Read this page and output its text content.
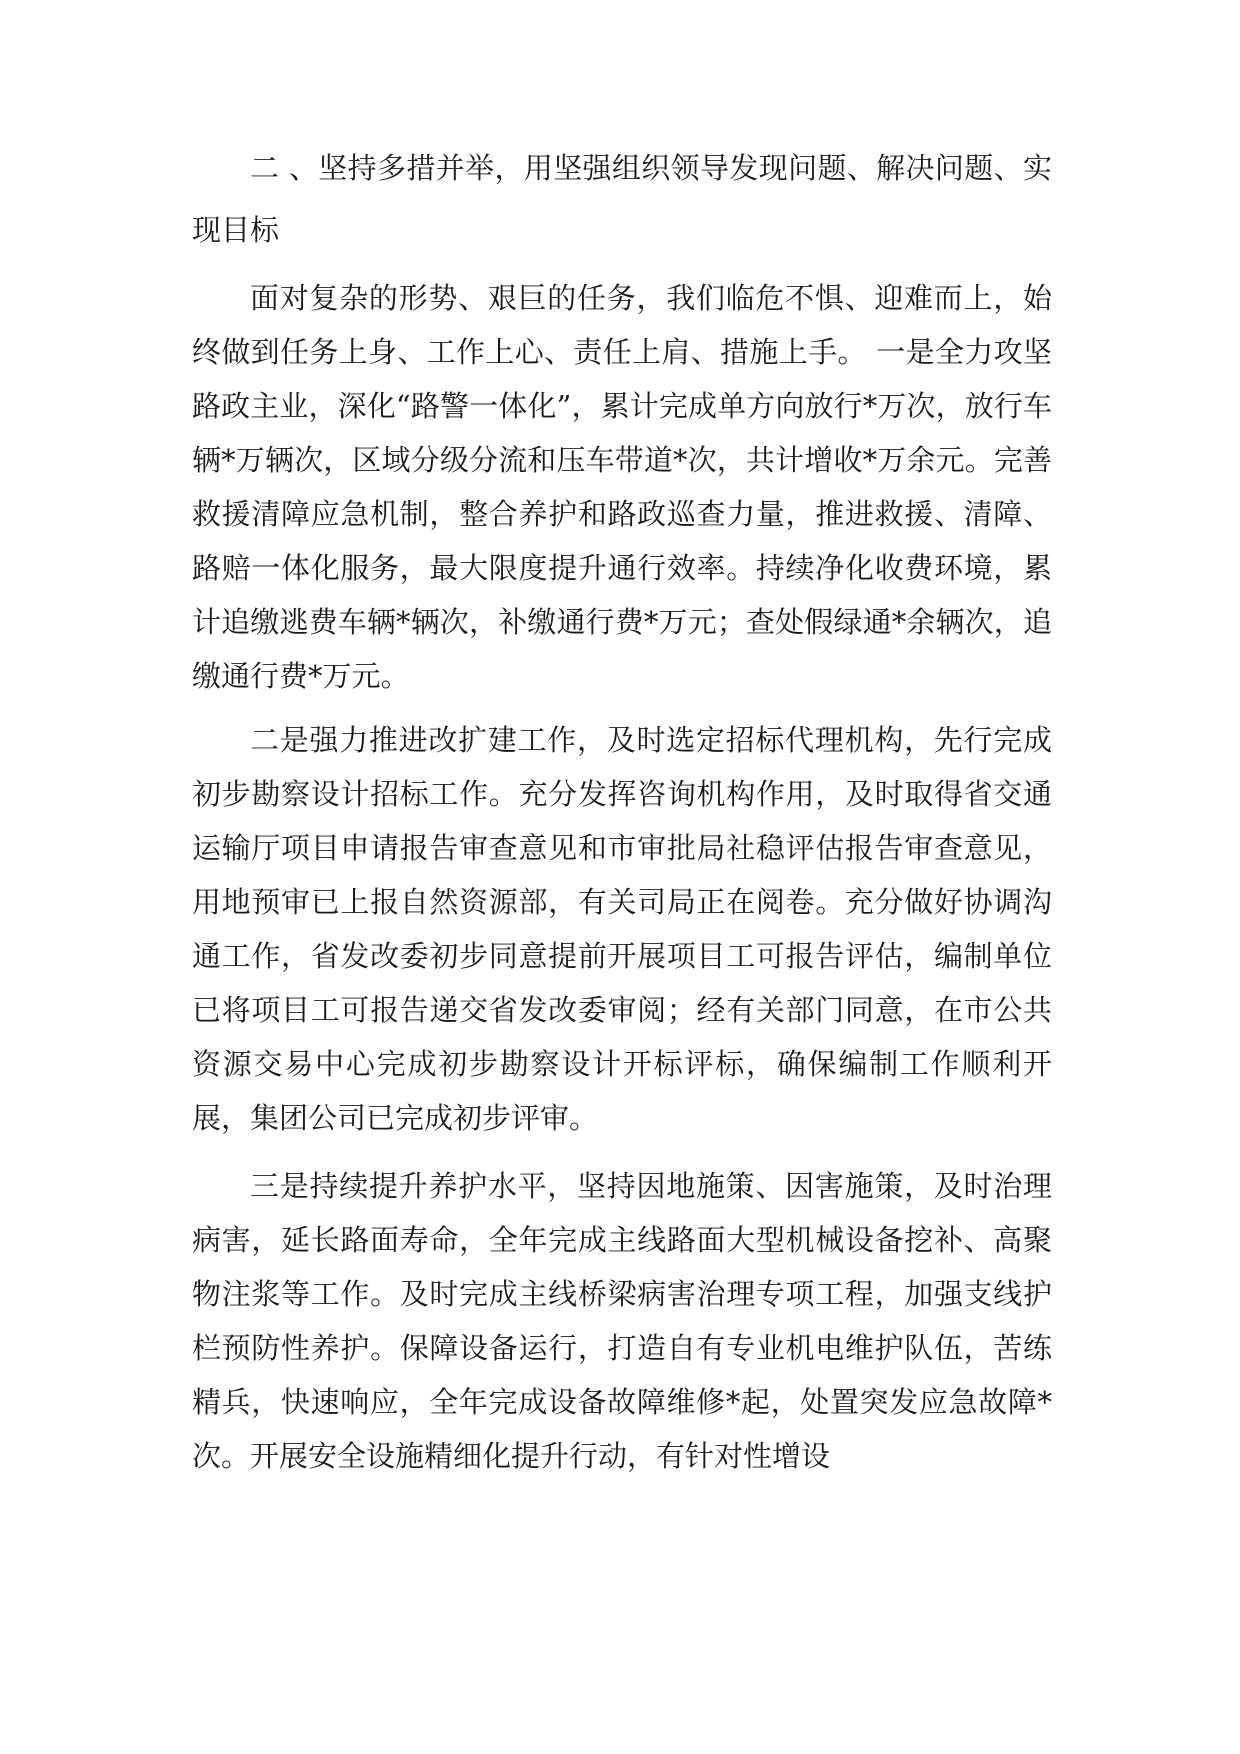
二 、坚持多措并举，用坚强组织领导发现问题、解决问题、实现目标

面对复杂的形势、艰巨的任务，我们临危不惧、迎难而上，始终做到任务上身、工作上心、责任上肩、措施上手。 一是全力攻坚路政主业，深化“路警一体化”，累计完成单方向放行*万次，放行车辆*万辆次，区域分级分流和压车带道*次，共计增收*万余元。完善救援清障应急机制，整合养护和路政巡查力量，推进救援、清障、路赔一体化服务，最大限度提升通行效率。持续净化收费环境，累计追缴逃费车辆*辆次，补缴通行费*万元；查处假绿通*余辆次，追缴通行费*万元。

二是强力推进改扩建工作，及时选定招标代理机构，先行完成初步勘察设计招标工作。充分发挥咨询机构作用，及时取得省交通运输厅项目申请报告审查意见和市审批局社稳评估报告审查意见，用地预审已上报自然资源部，有关司局正在阅卷。充分做好协调沟通工作，省发改委初步同意提前开展项目工可报告评估，编制单位已将项目工可报告递交省发改委审阅；经有关部门同意，在市公共资源交易中心完成初步勘察设计开标评标，确保编制工作顺利开展，集团公司已完成初步评审。

三是持续提升养护水平，坚持因地施策、因害施策，及时治理病害，延长路面寿命，全年完成主线路面大型机械设备挖补、高聚物注浆等工作。及时完成主线桥梁病害治理专项工程，加强支线护栏预防性养护。保障设备运行，打造自有专业机电维护队伍，苦练精兵，快速响应，全年完成设备故障维修*起，处置突发应急故障*次。开展安全设施精细化提升行动，有针对性增设
